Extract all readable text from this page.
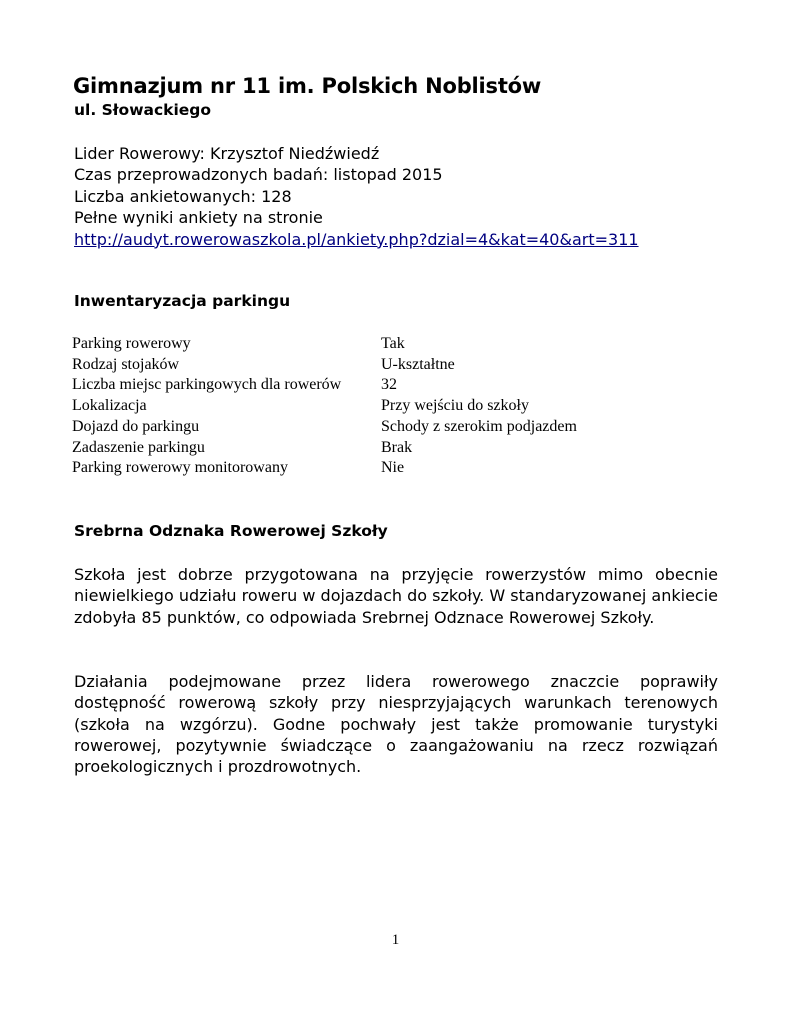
Gimnazjum nr 11 im. Polskich Noblistów
ul. Słowackiego
Lider Rowerowy: Krzysztof Niedźwiedź
Czas przeprowadzonych badań: listopad 2015
Liczba ankietowanych: 128
Pełne wyniki ankiety na stronie
http://audyt.rowerowaszkola.pl/ankiety.php?dzial=4&kat=40&art=311
Inwentaryzacja parkingu
Parking rowerowy	Tak
Rodzaj stojaków	U-kształtne
Liczba miejsc parkingowych dla rowerów	32
Lokalizacja	Przy wejściu do szkoły
Dojazd do parkingu	Schody z szerokim podjazdem
Zadaszenie parkingu	Brak
Parking rowerowy monitorowany	Nie
Srebrna Odznaka Rowerowej Szkoły

Szkoła jest dobrze przygotowana na przyjęcie rowerzystów mimo obecnie niewielkiego udziału roweru w dojazdach do szkoły. W standaryzowanej ankiecie zdobyła 85 punktów, co odpowiada Srebrnej Odznace Rowerowej Szkoły.

Działania podejmowane przez lidera rowerowego znaczcie poprawiły dostępność rowerową szkoły przy niesprzyjających warunkach terenowych (szkoła na wzgórzu). Godne pochwały jest także promowanie turystyki rowerowej, pozytywnie świadczące o zaangażowaniu na rzecz rozwiązań proekologicznych i prozdrowotnych.

1
